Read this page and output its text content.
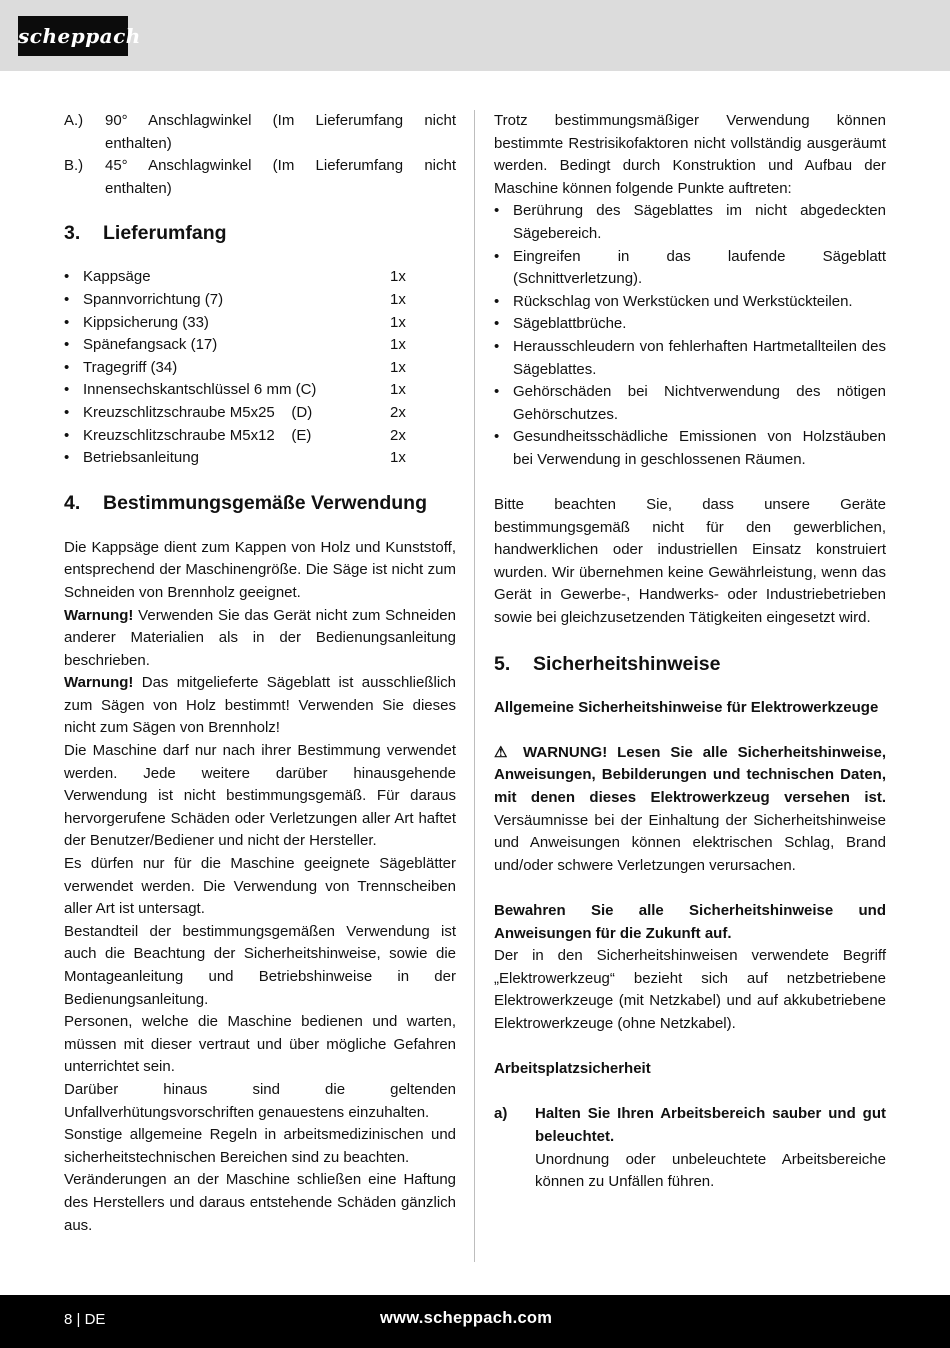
scheppach
A.)	90° Anschlagwinkel (Im Lieferumfang nicht enthalten)
B.)	45° Anschlagwinkel (Im Lieferumfang nicht enthalten)
3.	Lieferumfang
• Kappsäge	1x
• Spannvorrichtung (7)	1x
• Kippsicherung (33)	1x
• Spänefangsack (17)	1x
• Tragegriff (34)	1x
• Innensechskantschlüssel 6 mm (C)	1x
• Kreuzschlitzschraube M5x25    (D)	2x
• Kreuzschlitzschraube M5x12    (E)	2x
• Betriebsanleitung	1x
4.	Bestimmungsgemäße Verwendung

Die Kappsäge dient zum Kappen von Holz und Kunststoff, entsprechend der Maschinengröße. Die Säge ist nicht zum Schneiden von Brennholz geeignet.

Warnung! Verwenden Sie das Gerät nicht zum Schneiden anderer Materialien als in der Bedienungsanleitung beschrieben.

Warnung! Das mitgelieferte Sägeblatt ist ausschließlich zum Sägen von Holz bestimmt! Verwenden Sie dieses nicht zum Sägen von Brennholz!

Die Maschine darf nur nach ihrer Bestimmung verwendet werden. Jede weitere darüber hinausgehende Verwendung ist nicht bestimmungsgemäß. Für daraus hervorgerufene Schäden oder Verletzungen aller Art haftet der Benutzer/Bediener und nicht der Hersteller.

Es dürfen nur für die Maschine geeignete Sägeblätter verwendet werden. Die Verwendung von Trennscheiben aller Art ist untersagt.

Bestandteil der bestimmungsgemäßen Verwendung ist auch die Beachtung der Sicherheitshinweise, sowie die Montageanleitung und Betriebshinweise in der Bedienungsanleitung.

Personen, welche die Maschine bedienen und warten, müssen mit dieser vertraut und über mögliche Gefahren unterrichtet sein.

Darüber hinaus sind die geltenden Unfallverhütungsvorschriften genauestens einzuhalten.

Sonstige allgemeine Regeln in arbeitsmedizinischen und sicherheitstechnischen Bereichen sind zu beachten.

Veränderungen an der Maschine schließen eine Haftung des Herstellers und daraus entstehende Schäden gänzlich aus.

Trotz bestimmungsmäßiger Verwendung können bestimmte Restrisikofaktoren nicht vollständig ausgeräumt werden. Bedingt durch Konstruktion und Aufbau der Maschine können folgende Punkte auftreten:

• Berührung des Sägeblattes im nicht abgedeckten Sägebereich.
• Eingreifen in das laufende Sägeblatt (Schnittverletzung).
• Rückschlag von Werkstücken und Werkstückteilen.
• Sägeblattbrüche.
• Herausschleudern von fehlerhaften Hartmetallteilen des Sägeblattes.
• Gehörschäden bei Nichtverwendung des nötigen Gehörschutzes.
• Gesundheitsschädliche Emissionen von Holzstäuben bei Verwendung in geschlossenen Räumen.

Bitte beachten Sie, dass unsere Geräte bestimmungsgemäß nicht für den gewerblichen, handwerklichen oder industriellen Einsatz konstruiert wurden. Wir übernehmen keine Gewährleistung, wenn das Gerät in Gewerbe-, Handwerks- oder Industriebetrieben sowie bei gleichzusetzenden Tätigkeiten eingesetzt wird.

5.	Sicherheitshinweise

Allgemeine Sicherheitshinweise für Elektrowerkzeuge

⚠ WARNUNG! Lesen Sie alle Sicherheitshinweise, Anweisungen, Bebilderungen und technischen Daten, mit denen dieses Elektrowerkzeug versehen ist. Versäumnisse bei der Einhaltung der Sicherheitshinweise und Anweisungen können elektrischen Schlag, Brand und/oder schwere Verletzungen verursachen.

Bewahren Sie alle Sicherheitshinweise und Anweisungen für die Zukunft auf.

Der in den Sicherheitshinweisen verwendete Begriff „Elektrowerkzeug“ bezieht sich auf netzbetriebene Elektrowerkzeuge (mit Netzkabel) und auf akkubetriebene Elektrowerkzeuge (ohne Netzkabel).

Arbeitsplatzsicherheit

a)	Halten Sie Ihren Arbeitsbereich sauber und gut beleuchtet.

Unordnung oder unbeleuchtete Arbeitsbereiche können zu Unfällen führen.

8 | DE	www.scheppach.com
